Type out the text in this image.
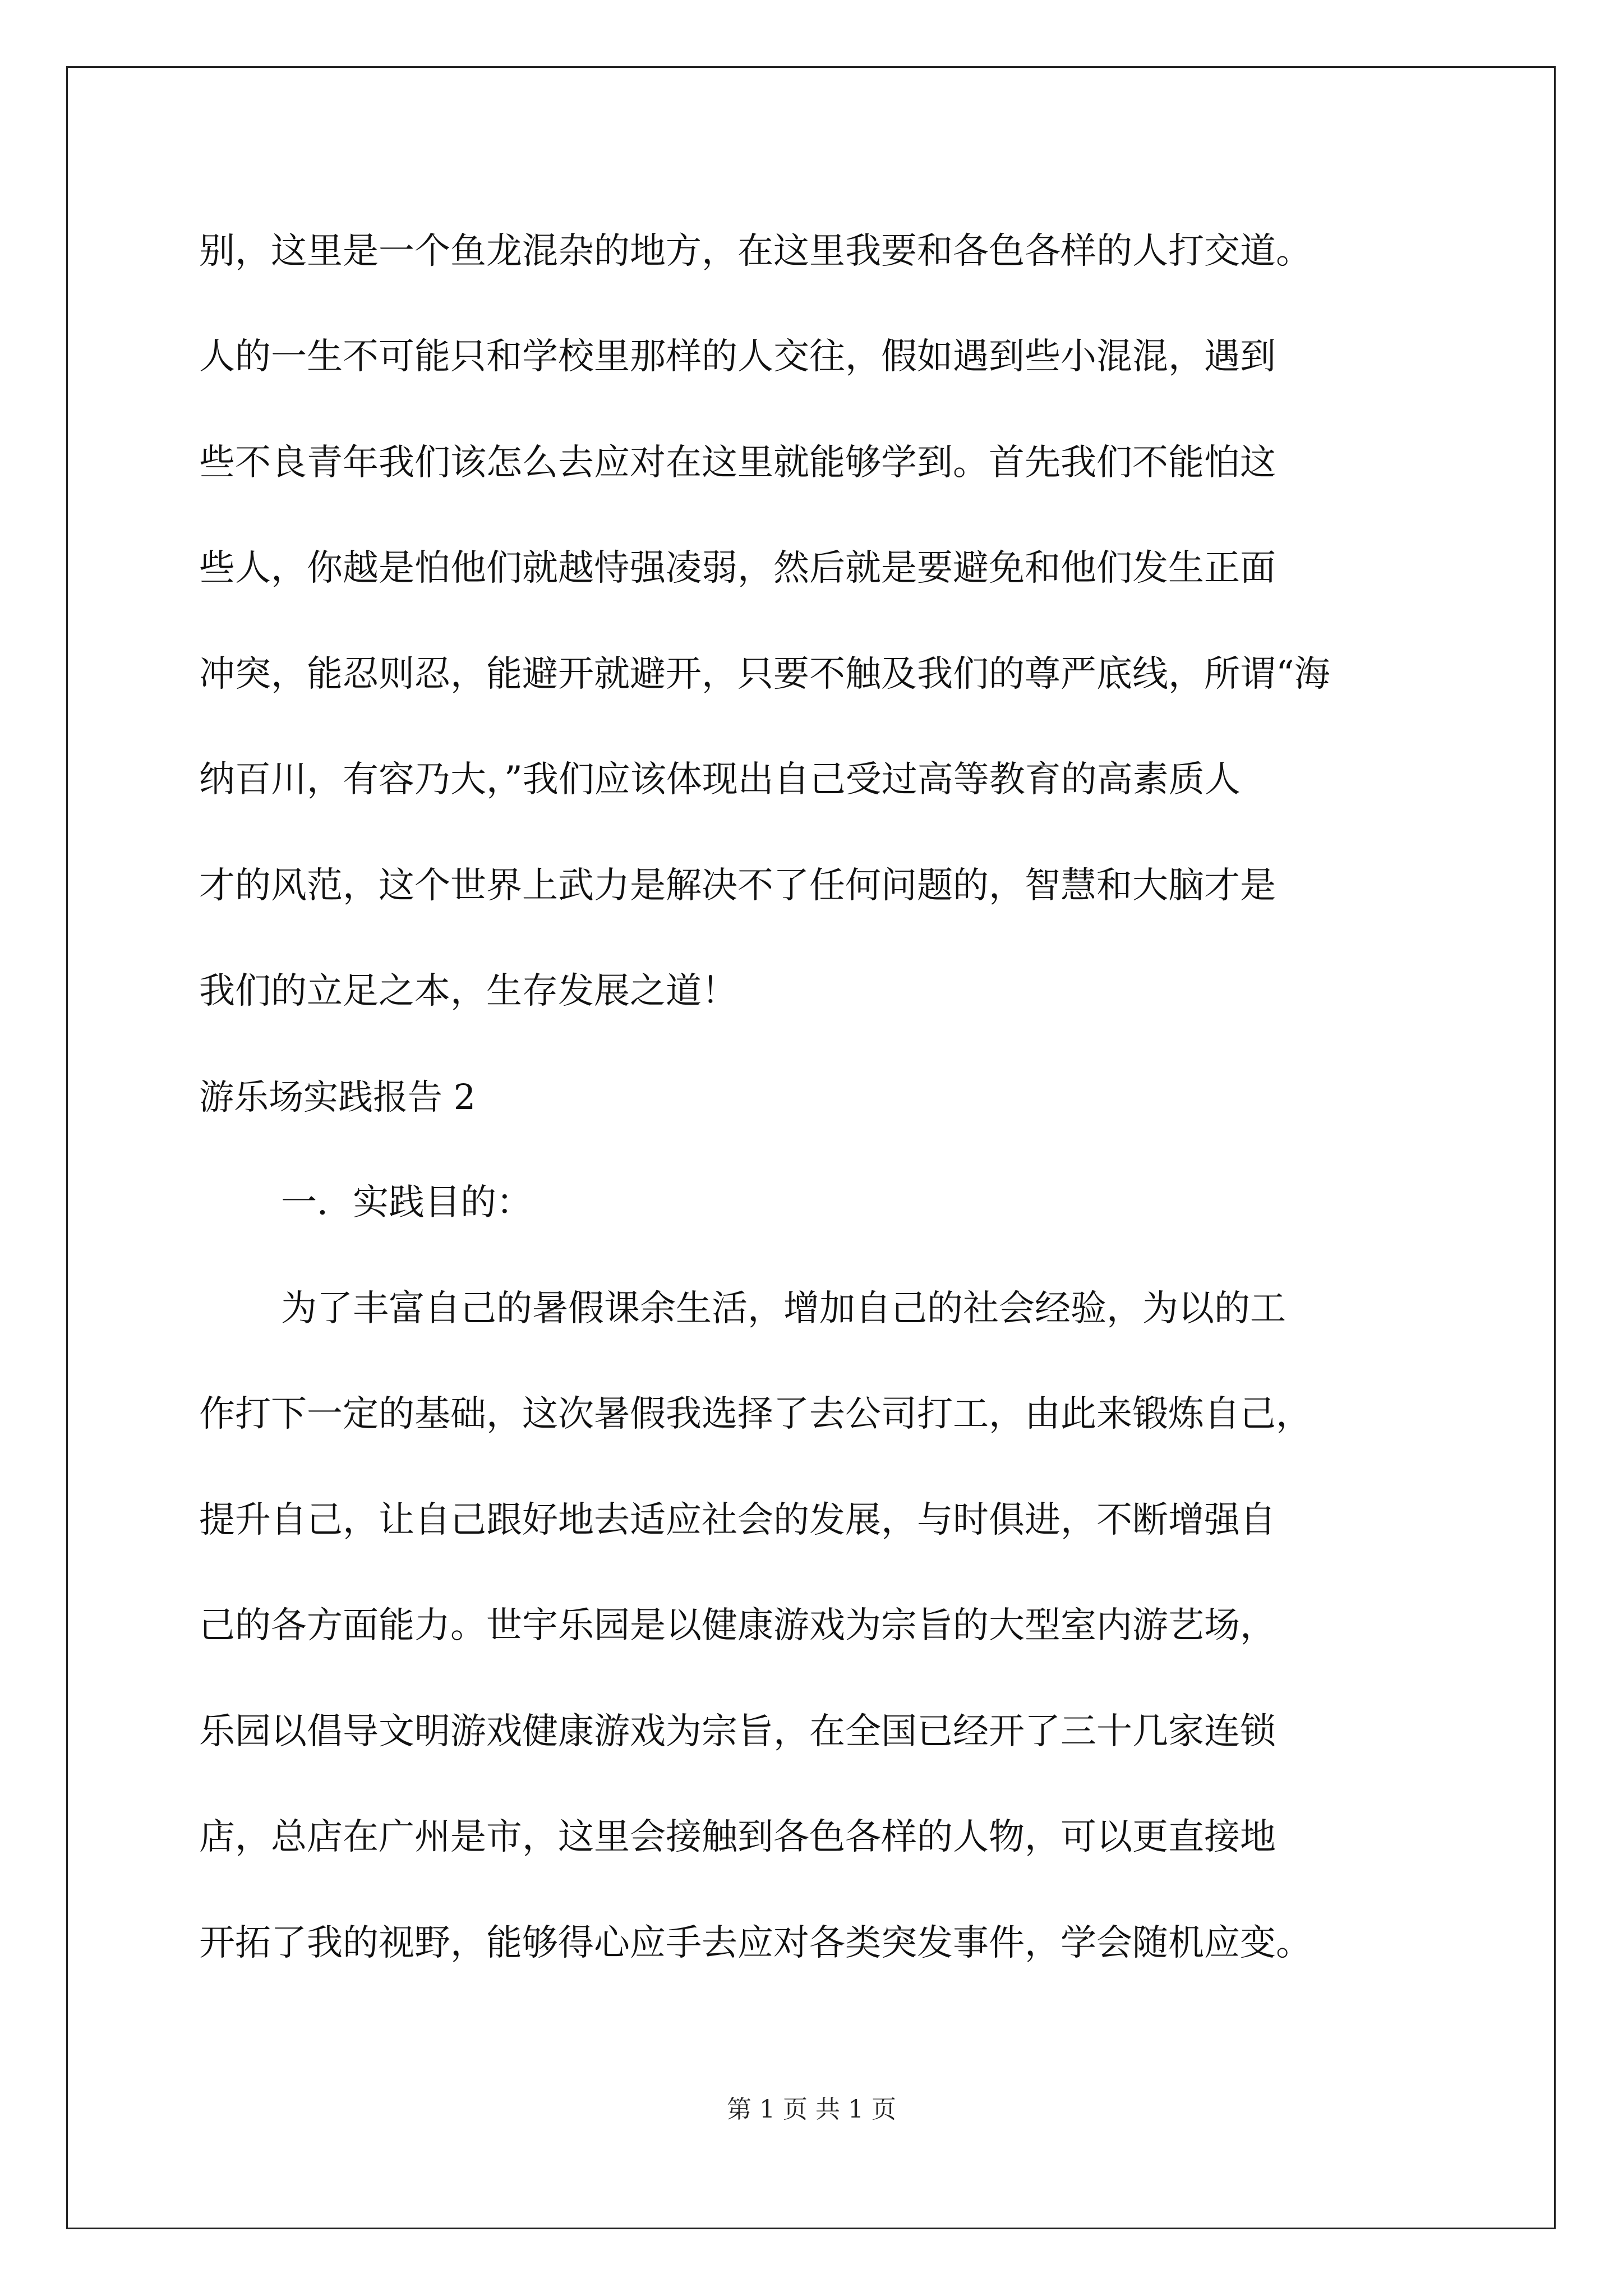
别，这里是一个鱼龙混杂的地方，在这里我要和各色各样的人打交道。
人的一生不可能只和学校里那样的人交往，假如遇到些小混混，遇到
些不良青年我们该怎么去应对在这里就能够学到。首先我们不能怕这
些人，你越是怕他们就越恃强凌弱，然后就是要避免和他们发生正面
冲突，能忍则忍，能避开就避开，只要不触及我们的尊严底线，所谓“海
纳百川，有容乃大，”我们应该体现出自己受过高等教育的高素质人
才的风范，这个世界上武力是解决不了任何问题的，智慧和大脑才是
我们的立足之本，生存发展之道！
游乐场实践报告 2
一．实践目的：
为了丰富自己的暑假课余生活，增加自己的社会经验，为以的工
作打下一定的基础，这次暑假我选择了去公司打工，由此来锻炼自己，
提升自己，让自己跟好地去适应社会的发展，与时俱进，不断增强自
己的各方面能力。世宇乐园是以健康游戏为宗旨的大型室内游艺场，
乐园以倡导文明游戏健康游戏为宗旨，在全国已经开了三十几家连锁
店，总店在广州是市，这里会接触到各色各样的人物，可以更直接地
开拓了我的视野，能够得心应手去应对各类突发事件，学会随机应变。
第 1 页 共 1 页
